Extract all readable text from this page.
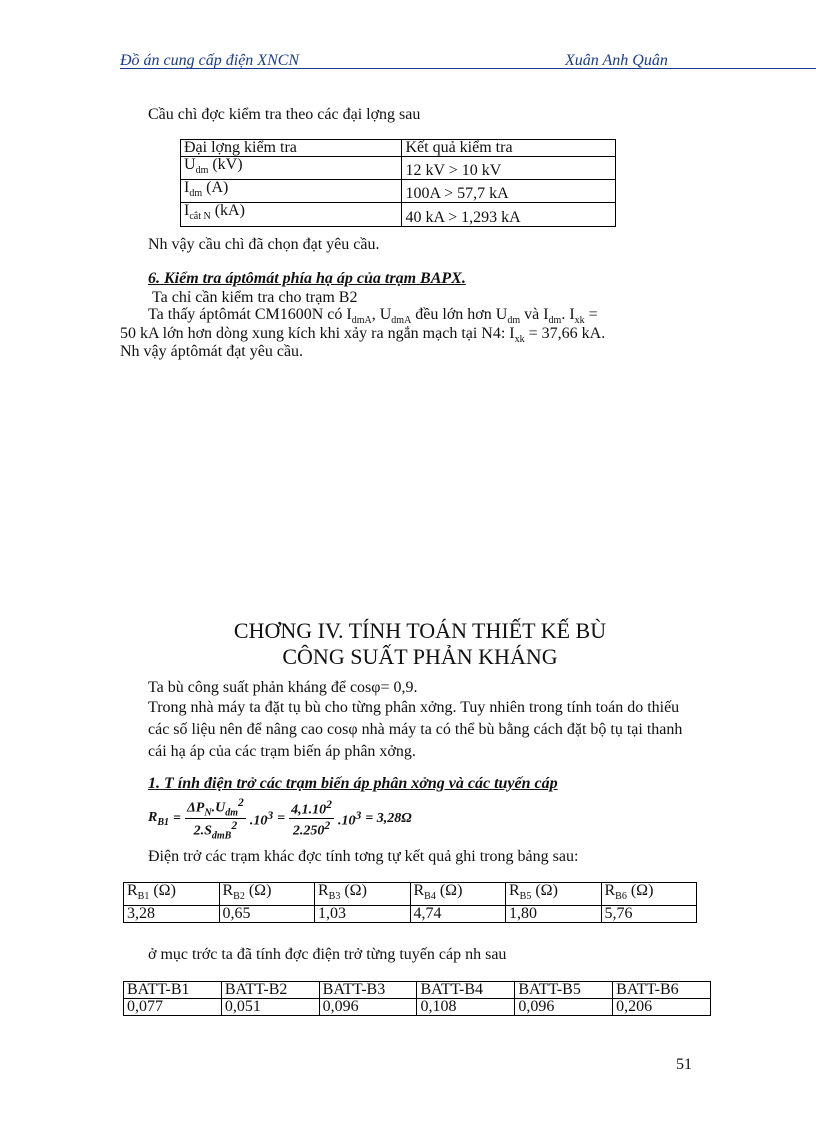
Đồ án cung cấp điện XNCN	Xuân Anh Quân
Cầu chì đợc kiểm tra theo các đại lợng sau
Đại lợng kiểm tra	Kết quả kiểm tra
$U_{dm}$ (kV)	12 kV > 10 kV
$I_{dm}$ (A)	100A > 57,7 kA
$I_{cắt N}$ (kA)	40 kA > 1,293 kA
Nh vậy cầu chì đã chọn đạt yêu cầu.
6. Kiểm tra áptômát phía hạ áp của trạm BAPX.
Ta chỉ cần kiểm tra cho trạm B2
Ta thấy áptômát CM1600N có $I_{dmA}$, $U_{dmA}$ đều lớn hơn $U_{dm}$ và $I_{dm}$. $I_{xk}$ =
50 kA lớn hơn dòng xung kích khi xảy ra ngắn mạch tại N4: $I_{xk} = 37,66$ kA.
Nh vậy áptômát đạt yêu cầu.
CHƠNG IV. TÍNH TOÁN THIẾT KẾ BÙ
CÔNG SUẤT PHẢN KHÁNG
Ta bù công suất phản kháng để cosφ= 0,9.
Trong nhà máy ta đặt tụ bù cho từng phân xởng. Tuy nhiên trong tính toán do thiếu các số liệu nên để nâng cao cosφ nhà máy ta có thể bù bằng cách đặt bộ tụ tại thanh cái hạ áp của các trạm biến áp phân xởng.
1. T ính điện trở các trạm biến áp phân xởng và các tuyến cáp
$R_{B1} = \frac{\Delta P_N.U_{dm}^2}{2.S_{dmB}^2} .10^3 = \frac{4,1.10^2}{2.250^2} .10^3 = 3,28\Omega$
Điện trở các trạm khác đợc tính tơng tự kết quả ghi trong bảng sau:
$R_{B1}$ (Ω)	$R_{B2}$ (Ω)	$R_{B3}$ (Ω)	$R_{B4}$ (Ω)	$R_{B5}$ (Ω)	$R_{B6}$ (Ω)
3,28	0,65	1,03	4,74	1,80	5,76
ở mục trớc ta đã tính đợc điện trở từng tuyến cáp nh sau
BATT-B1	BATT-B2	BATT-B3	BATT-B4	BATT-B5	BATT-B6
0,077	0,051	0,096	0,108	0,096	0,206
51
